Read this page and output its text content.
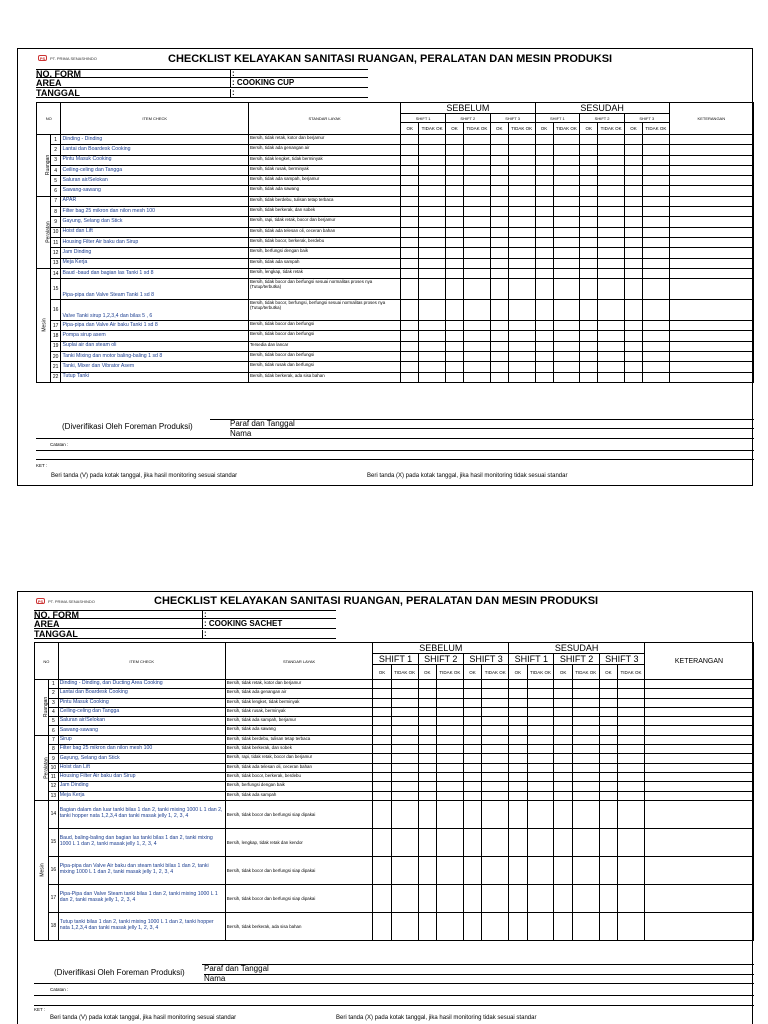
PS	PT. PRIMA SENASHINDO	CHECKLIST KELAYAKAN SANITASI RUANGAN, PERALATAN DAN MESIN PRODUKSI
NO. FORM	:
AREA	: COOKING CUP
TANGGAL	:
NO		ITEM CHECK	STANDAR LAYAK	SEBELUM						SESUDAH						KETERANGAN
				SHIFT 1		SHIFT 2		SHIFT 3		SHIFT 1		SHIFT 2		SHIFT 3		
				OK	TIDAK OK	OK	TIDAK OK	OK	TIDAK OK	OK	TIDAK OK	OK	TIDAK OK	OK	TIDAK OK	
Ruangan	1	Dinding - Dinding	Bersih, tidak retak, kotor dan berjamur													
	2	Lantai dan Boardesk Cooking	Bersih, tidak ada genangan air													
	3	Pintu Masuk Cooking	Bersih, tidak lengket, tidak berminyak													
	4	Ceiling-celing dan Tangga	Bersih, tidak rusak, berminyak													
	5	Saluran air/Selokan	Bersih, tidak ada sampah, berjamur													
	6	Sawang-sawang	Bersih, tidak ada sawang													
Peralatan	7	APAR	Bersih, tidak berdebu, tulisan tetap terbaca													
	8	Filter bag 25 mikron dan nilon mesh 100	Bersih, tidak berkerak, dan sobek													
	9	Gayung, Selang dan Stick	Bersih, rapi, tidak retak, bocor dan berjamur													
	10	Hoist dan Lift	Bersih, tidak ada telesan oli, ceceran bahan													
	11	Housing Filter Air baku dan Sirup	Bersih, tidak bocor, berkerak, berdebu													
	12	Jam Dinding	Bersih, berfungsi dengan baik													
	13	Meja Kerja	Bersih, tidak ada sampah													
Mesin	14	Baud -baud dan bagian las Tanki 1 sd 8	Bersih, lengkap, tidak retak													
	15	Pipa-pipa dan Valve Steam Tanki 1 sd 8	Bersih, tidak bocor dan berfungsi sesuai normalitas proses nya (Tutup/terbutka)													
	16	Valve Tanki sirup 1,2,3,4 dan bilas 5 , 6	Bersih, tidak bocor, berfungsi, berfungsi sesuai normalitas proses nya (Tutup/terbutka)													
	17	Pipa-pipa dan Valve Air baku Tanki 1 sd 8	Bersih, tidak bocor dan berfungsi													
	18	Pompa sirup asem	Bersih, tidak bocor dan berfungsi													
	19	Suplai air dan steam oli	Tersedia dan lancar													
	20	Tanki Mixing dan motor baling-baling 1 sd 8	Bersih, tidak bocor dan berfungsi													
	21	Tanki, Mixer dan Vibrator Asem	Bersih, tidak rusak dan berfungsi													
	22	Tutup Tanki	Bersih, tidak berkerak, ada sisa bahan													
(Diverifikasi Oleh Foreman Produksi)	Paraf dan Tanggal
Nama
Catatan :
KET :
Beri tanda (V) pada kotak tanggal, jika hasil monitoring sesuai standar	Beri tanda (X) pada kotak tanggal, jika hasil monitoring tidak sesuai standar
PS	PT. PRIMA SENASHINDO	CHECKLIST KELAYAKAN SANITASI RUANGAN, PERALATAN DAN MESIN PRODUKSI
NO. FORM	:
AREA	: COOKING SACHET
TANGGAL	:
NO		ITEM CHECK	STANDAR LAYAK	SEBELUM						SESUDAH						KETERANGAN
				SHIFT 1		SHIFT 2		SHIFT 3		SHIFT 1		SHIFT 2		SHIFT 3		
				OK	TIDAK OK	OK	TIDAK OK	OK	TIDAK OK	OK	TIDAK OK	OK	TIDAK OK	OK	TIDAK OK	
Ruangan	1	Dinding - Dinding, dan Ducting Area Cooking	Bersih, tidak retak, kotor dan berjamur													
	2	Lantai dan Boardesk Cooking	Bersih, tidak ada genangan air													
	3	Pintu Masuk Cooking	Bersih, tidak lengket, tidak berminyak													
	4	Ceiling-celing dan Tangga	Bersih, tidak rusak, berminyak													
	5	Saluran air/Selokan	Bersih, tidak ada sampah, berjamur													
	6	Sawang-sawang	Bersih, tidak ada sawang													
Peralatan	7	Sirup	Bersih, tidak berdebu, tulisan tetap terbaca													
	8	Filter bag 25 mikron dan nilon mesh 100	Bersih, tidak berkerak, dan sobek													
	9	Gayung, Selang dan Stick	Bersih, rapi, tidak retak, bocor dan berjamur													
	10	Hoist dan Lift	Bersih, tidak ada telesan oli, ceceran bahan													
	11	Housing Filter Air baku dan Sirup	Bersih, tidak bocor, berkerak, berdebu													
	12	Jam Dinding	Bersih, berfungsi dengan baik													
	13	Meja Kerja	Bersih, tidak ada sampah													
Mesin	14	Bagian dalam dan luar tanki bilas 1 dan 2, tanki mixing 1000 L 1 dan 2, tanki hopper nata 1,2,3,4 dan tanki masak jelly 1, 2, 3, 4	Bersih, tidak bocor dan berfungsi siap dipakai													
	15	Baud, baling-baling dan bagian las tanki bilas 1 dan 2, tanki mixing 1000 L 1 dan 2, tanki masak jelly 1, 2, 3, 4	Bersih, lengkap, tidak retak dan kendor													
	16	Pipa-pipa dan Valve Air baku dan steam tanki bilas 1 dan 2, tanki mixing 1000 L 1 dan 2, tanki masak jelly 1, 2, 3, 4	Bersih, tidak bocor dan berfungsi siap dipakai													
	17	Pipa-Pipa dan Valve Steam tanki bilas 1 dan 2, tanki mixing 1000 L 1 dan 2, tanki masak jelly 1, 2, 3, 4	Bersih, tidak bocor dan berfungsi siap dipakai													
	18	Tutup tanki bilas 1 dan 2, tanki mixing 1000 L 1 dan 2, tanki hopper nata 1,2,3,4 dan tanki masak jelly 1, 2, 3, 4	Bersih, tidak berkerak, ada sisa bahan													
(Diverifikasi Oleh Foreman Produksi) Paraf dan Tanggal
Nama
Catatan :
KET :
Beri tanda (V) pada kotak tanggal, jika hasil monitoring sesuai standar	Beri tanda (X) pada kotak tanggal, jika hasil monitoring tidak sesuai standar
